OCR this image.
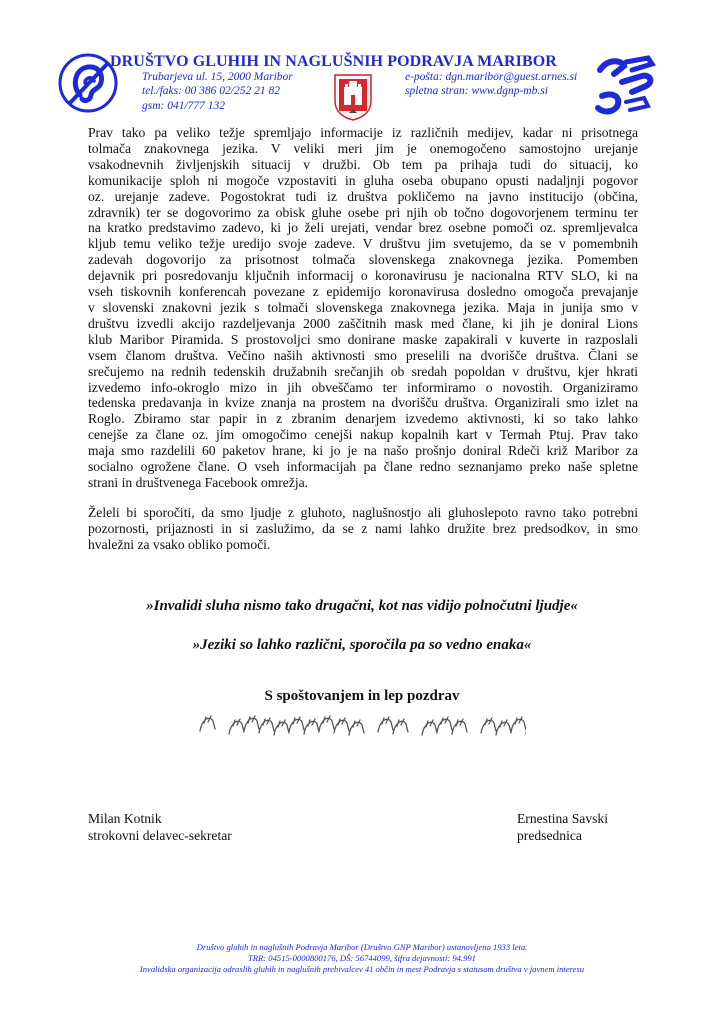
DRUŠTVO GLUHIH IN NAGLUŠNIH PODRAVJA MARIBOR
Trubarjeva ul. 15, 2000 Maribor
tel./faks: 00 386 02/252 21 82
gsm: 041/777 132
e-pošta: dgn.maribor@guest.arnes.si
spletna stran: www.dgnp-mb.si
Prav tako pa veliko težje spremljajo informacije iz različnih medijev, kadar ni prisotnega
tolmača znakovnega jezika. V veliki meri jim je onemogočeno samostojno urejanje
vsakodnevnih življenjskih situacij v družbi. Ob tem pa prihaja tudi do situacij, ko
komunikacije sploh ni mogoče vzpostaviti in gluha oseba obupano opusti nadaljnji pogovor
oz. urejanje zadeve. Pogostokrat tudi iz društva pokličemo na javno institucijo (občina,
zdravnik) ter se dogovorimo za obisk gluhe osebe pri njih ob točno dogovorjenem terminu ter
na kratko predstavimo zadevo, ki jo želi urejati, vendar brez osebne pomoči oz. spremljevalca
kljub temu veliko težje uredijo svoje zadeve. V društvu jim svetujemo, da se v pomembnih
zadevah dogovorijo za prisotnost tolmača slovenskega znakovnega jezika. Pomemben
dejavnik pri posredovanju ključnih informacij o koronavirusu je nacionalna RTV SLO, ki na
vseh tiskovnih konferencah povezane z epidemijo koronavirusa dosledno omogoča prevajanje
v slovenski znakovni jezik s tolmači slovenskega znakovnega jezika. Maja in junija smo v
društvu izvedli akcijo razdeljevanja 2000 zaščitnih mask med člane, ki jih je doniral Lions
klub Maribor Piramida. S prostovoljci smo donirane maske zapakirali v kuverte in razposlali
vsem članom društva. Večino naših aktivnosti smo preselili na dvorišče društva. Člani se
srečujemo na rednih tedenskih družabnih srečanjih ob sredah popoldan v društvu, kjer hkrati
izvedemo info-okroglo mizo in jih obveščamo ter informiramo o novostih. Organiziramo
tedenska predavanja in kvize znanja na prostem na dvorišču društva. Organizirali smo izlet na
Roglo. Zbiramo star papir in z zbranim denarjem izvedemo aktivnosti, ki so tako lahko
cenejše za člane oz. jim omogočimo cenejši nakup kopalnih kart v Termah Ptuj. Prav tako
maja smo razdelili 60 paketov hrane, ki jo je na našo prošnjo doniral Rdeči križ Maribor za
socialno ogrožene člane. O vseh informacijah pa člane redno seznanjamo preko naše spletne
strani in društvenega Facebook omrežja.
Želeli bi sporočiti, da smo ljudje z gluhoto, naglušnostjo ali gluhoslepoto ravno tako potrebni
pozornosti, prijaznosti in si zaslužimo, da se z nami lahko družite brez predsodkov, in smo
hvaležni za vsako obliko pomoči.
»Invalidi sluha nismo tako drugačni, kot nas vidijo polnočutni ljudje«
»Jeziki so lahko različni, sporočila pa so vedno enaka«
S spoštovanjem in lep pozdrav
Milan Kotnik
strokovni delavec-sekretar
Ernestina Savski
predsednica
Društvo gluhih in naglušnih Podravja Maribor (Društvo GNP Maribor) ustanovljeno 1933 leta.
TRR: 04515-0000800176, DŠ: 56744099, šifra dejavnosti: 94.991
Invalidska organizacija odraslih gluhih in naglušnih prebivalcev 41 občin in mest Podravja s statusom društva v javnem interesu
